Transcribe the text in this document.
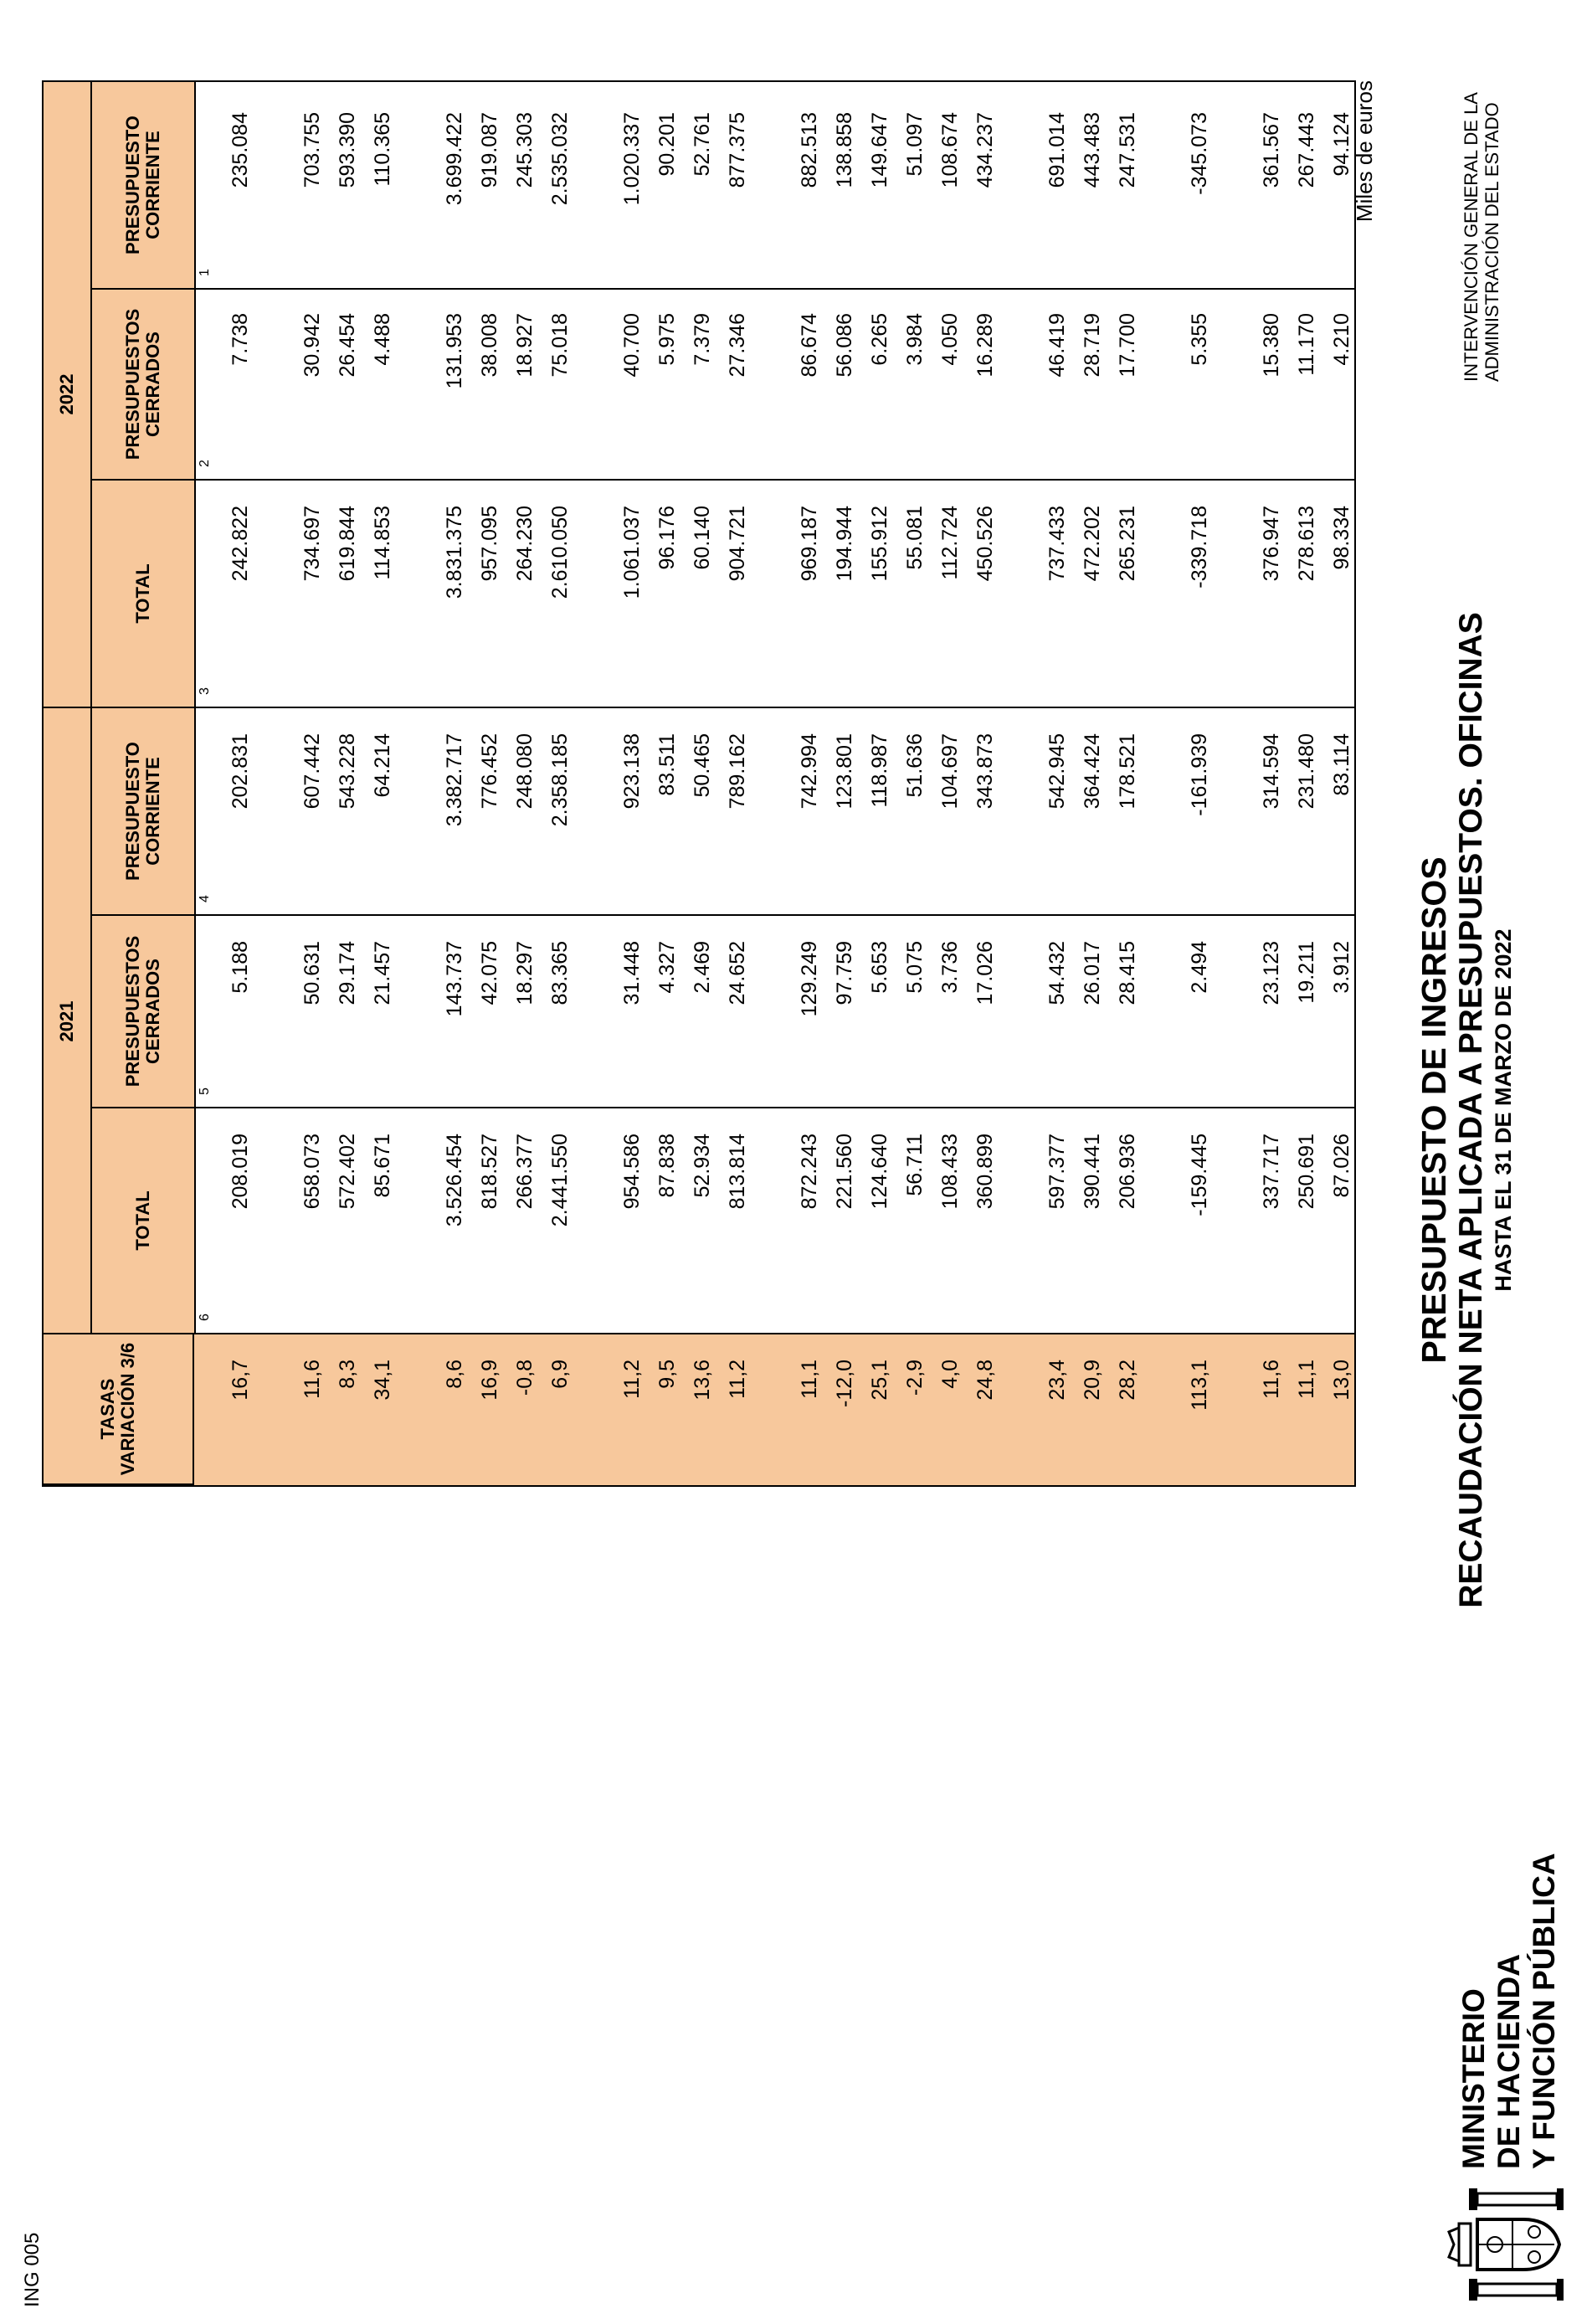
MINISTERIO DE HACIENDA Y FUNCIÓN PÚBLICA
PRESUPUESTO DE INGRESOS RECAUDACIÓN NETA APLICADA A PRESUPUESTOS. OFICINAS HASTA EL 31 DE MARZO DE 2022
INTERVENCIÓN GENERAL DE LA ADMINISTRACIÓN DEL ESTADO
Miles de euros
ING 005
TASAS VARIACIÓN 3/6
2021
2022
TOTAL
PRESUPUESTOS CERRADOS
PRESUPUESTO CORRIENTE
TOTAL
PRESUPUESTOS CERRADOS
PRESUPUESTO CORRIENTE
1
2
3
4
5
6
235.084
7.738
242.822
202.831
5.188
208.019
16,7
703.755
30.942
734.697
607.442
50.631
658.073
11,6
593.390
26.454
619.844
543.228
29.174
572.402
8,3
110.365
4.488
114.853
64.214
21.457
85.671
34,1
3.699.422
131.953
3.831.375
3.382.717
143.737
3.526.454
8,6
919.087
38.008
957.095
776.452
42.075
818.527
16,9
245.303
18.927
264.230
248.080
18.297
266.377
-0,8
2.535.032
75.018
2.610.050
2.358.185
83.365
2.441.550
6,9
1.020.337
40.700
1.061.037
923.138
31.448
954.586
11,2
90.201
5.975
96.176
83.511
4.327
87.838
9,5
52.761
7.379
60.140
50.465
2.469
52.934
13,6
877.375
27.346
904.721
789.162
24.652
813.814
11,2
882.513
86.674
969.187
742.994
129.249
872.243
11,1
138.858
56.086
194.944
123.801
97.759
221.560
-12,0
149.647
6.265
155.912
118.987
5.653
124.640
25,1
51.097
3.984
55.081
51.636
5.075
56.711
-2,9
108.674
4.050
112.724
104.697
3.736
108.433
4,0
434.237
16.289
450.526
343.873
17.026
360.899
24,8
691.014
46.419
737.433
542.945
54.432
597.377
23,4
443.483
28.719
472.202
364.424
26.017
390.441
20,9
247.531
17.700
265.231
178.521
28.415
206.936
28,2
-345.073
5.355
-339.718
-161.939
2.494
-159.445
113,1
361.567
15.380
376.947
314.594
23.123
337.717
11,6
267.443
11.170
278.613
231.480
19.211
250.691
11,1
94.124
4.210
98.334
83.114
3.912
87.026
13,0
